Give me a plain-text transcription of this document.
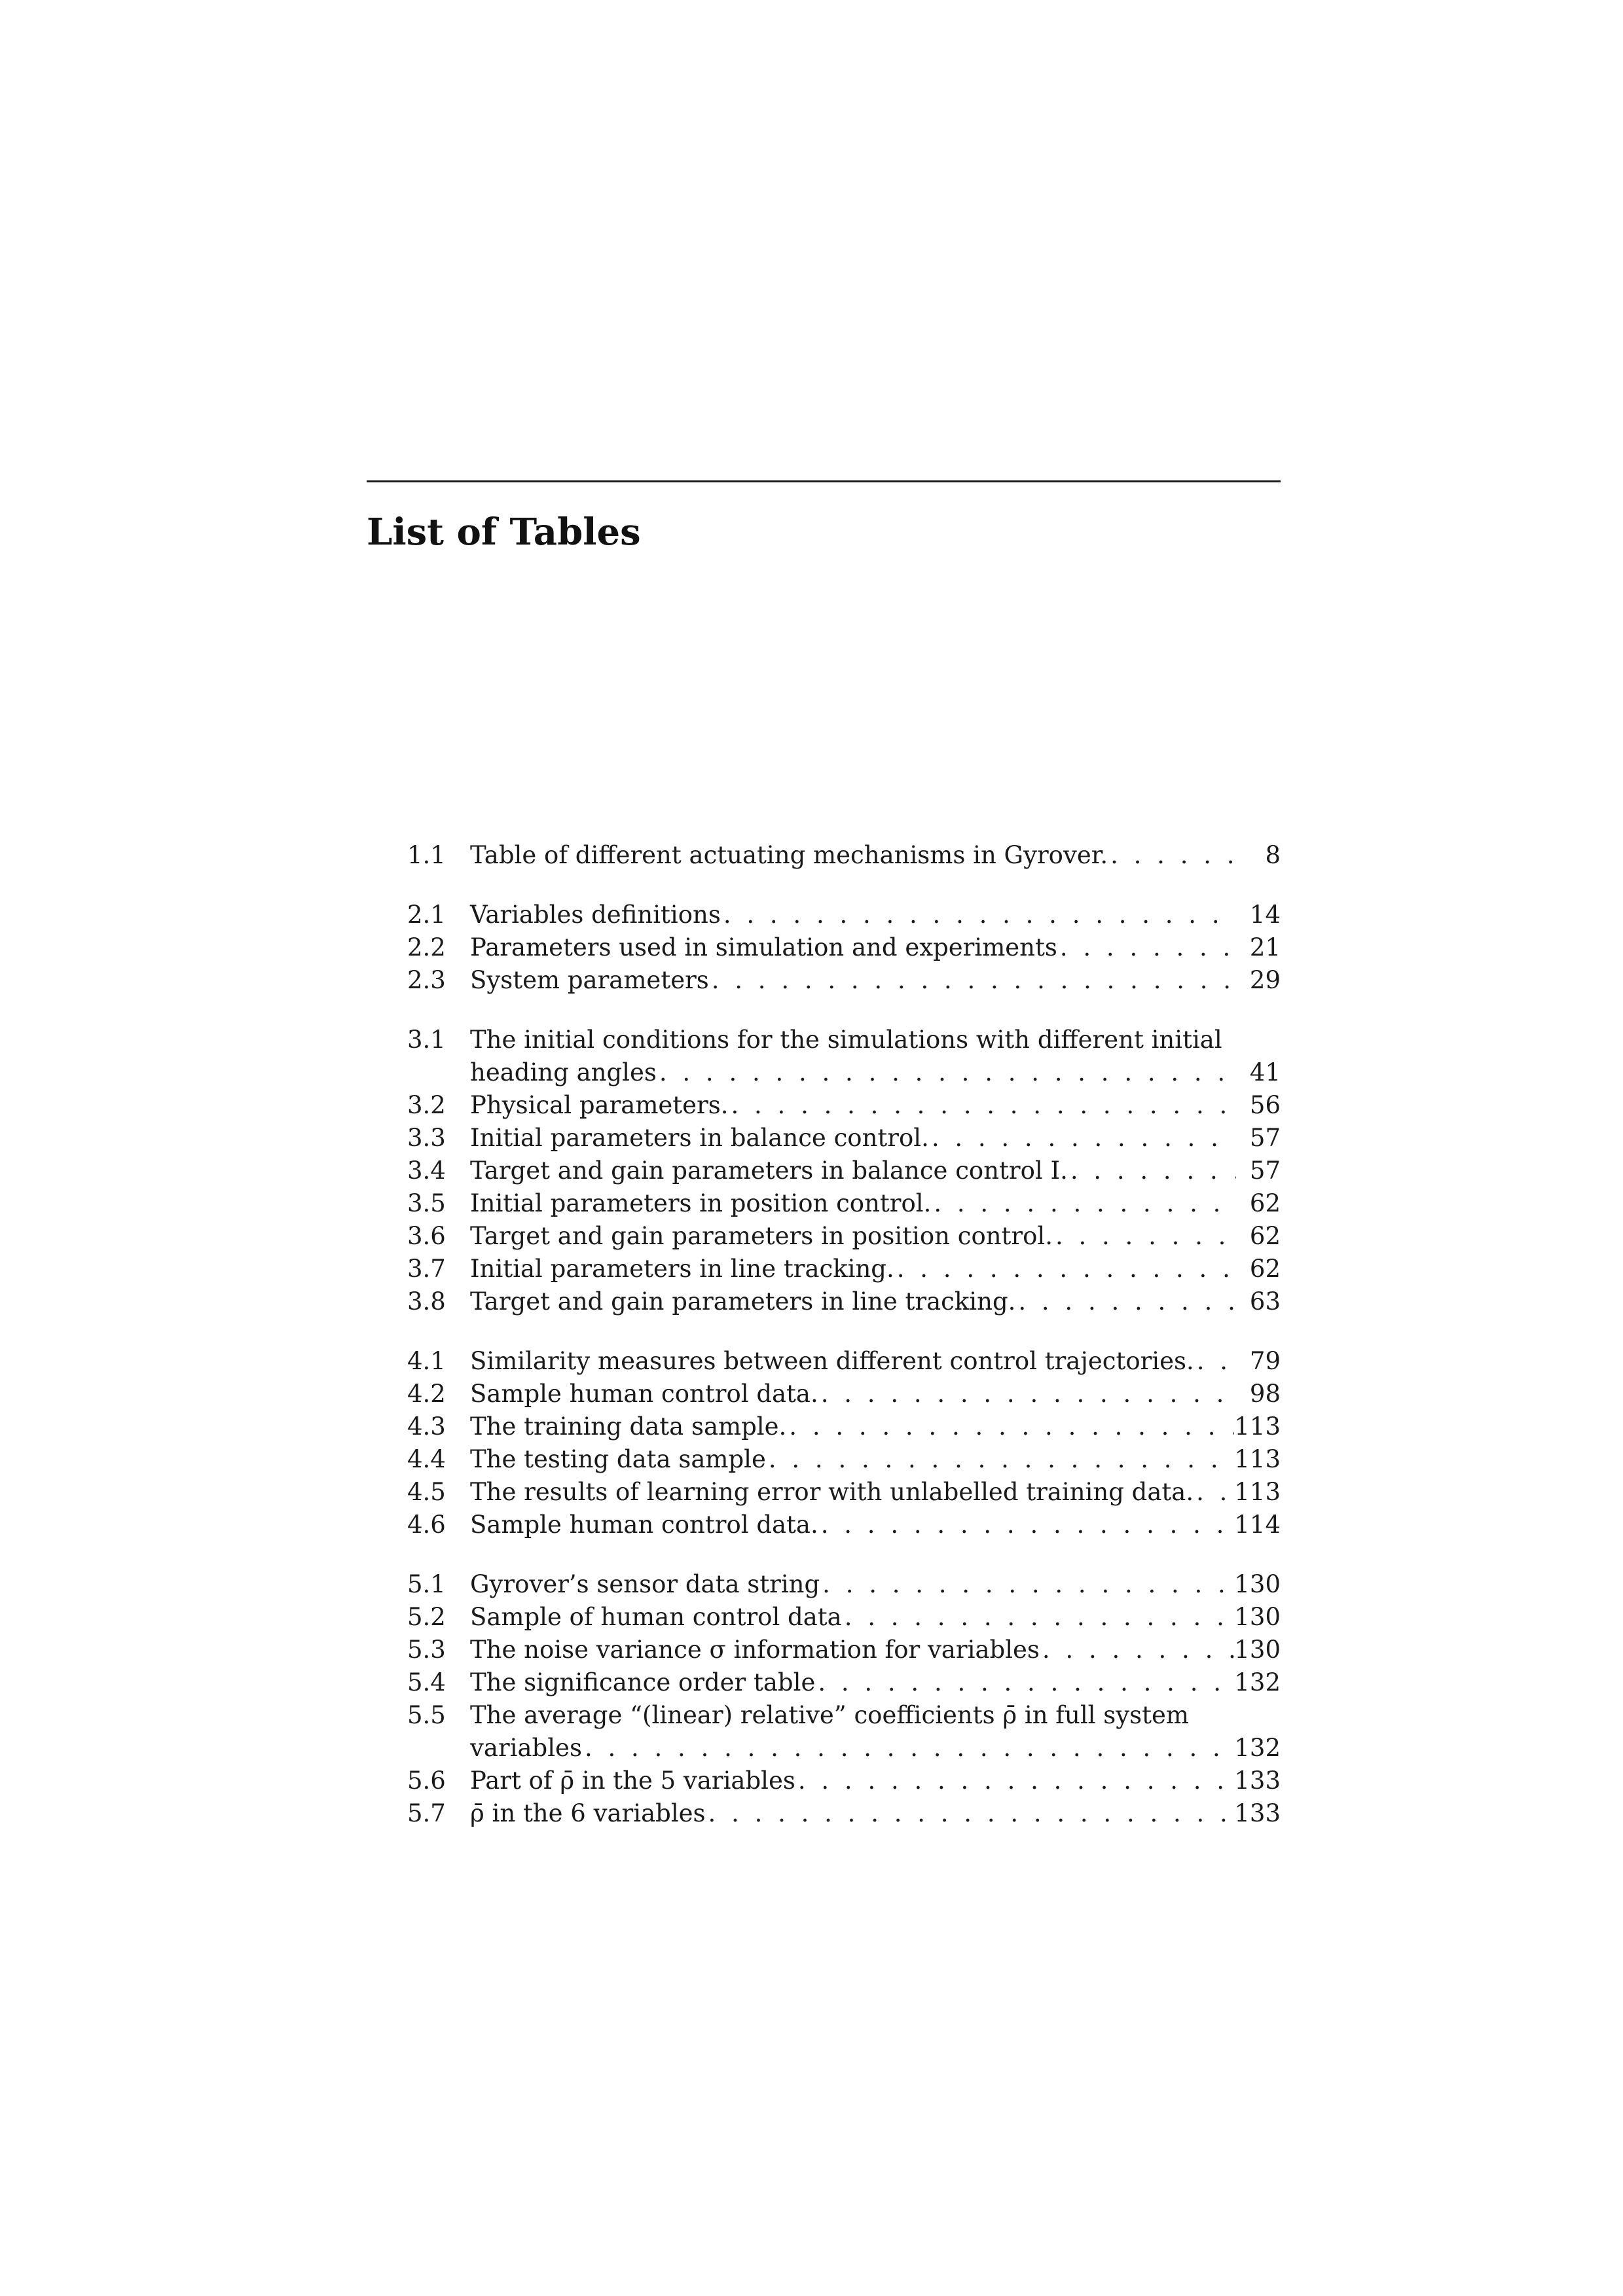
List of Tables
1.1	Table of different actuating mechanisms in Gyrover. . . .	8
2.1	Variables definitions . . .	14
2.2	Parameters used in simulation and experiments . . .	21
2.3	System parameters . . .	29
3.1	The initial conditions for the simulations with different initial
heading angles . . .	41
3.2	Physical parameters. . . .	56
3.3	Initial parameters in balance control. . . .	57
3.4	Target and gain parameters in balance control I. . . .	57
3.5	Initial parameters in position control. . . .	62
3.6	Target and gain parameters in position control. . . .	62
3.7	Initial parameters in line tracking. . . .	62
3.8	Target and gain parameters in line tracking. . . .	63
4.1	Similarity measures between different control trajectories. . . .	79
4.2	Sample human control data. . . .	98
4.3	The training data sample. . . .	113
4.4	The testing data sample . . .	113
4.5	The results of learning error with unlabelled training data. . . . 113
4.6	Sample human control data. . . .	114
5.1	Gyrover’s sensor data string . . .	130
5.2	Sample of human control data . . .	130
5.3	The noise variance σ information for variables . . .	130
5.4	The significance order table . . .	132
5.5	The average “(linear) relative” coefficients ρ̄ in full system
variables . . .	132
5.6	Part of ρ̄ in the 5 variables . . .	133
5.7	ρ̄ in the 6 variables . . .	133
